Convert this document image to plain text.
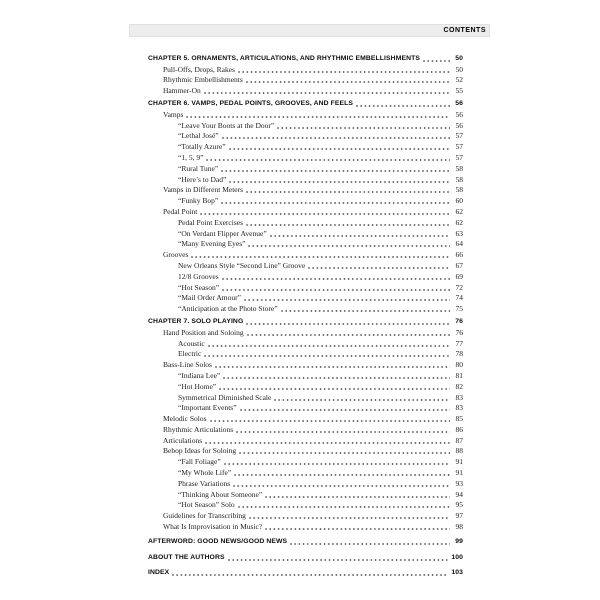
CONTENTS
CHAPTER 5. ORNAMENTS, ARTICULATIONS, AND RHYTHMIC EMBELLISHMENTS	50
Pull-Offs, Drops, Rakes	50
Rhythmic Embellishments	52
Hammer-On	55
CHAPTER 6. VAMPS, PEDAL POINTS, GROOVES, AND FEELS	56
Vamps	56
“Leave Your Boots at the Door”	56
“Lethal José”	57
“Totally Azure”	57
“1, 5, 9”	57
“Rural Tune”	58
“Here’s to Dad”	58
Vamps in Different Meters	58
“Funky Bop”	60
Pedal Point	62
Pedal Point Exercises	62
“On Verdant Flipper Avenue”	63
“Many Evening Eyes”	64
Grooves	66
New Orleans Style “Second Line” Groove	67
12/8 Grooves	69
“Hot Season”	72
“Mail Order Amour”	74
“Anticipation at the Photo Store”	75
CHAPTER 7. SOLO PLAYING	76
Hand Position and Soloing	76
Acoustic	77
Electric	78
Bass-Line Solos	80
“Indiana Lee”	81
“Hot Home”	82
Symmetrical Diminished Scale	83
“Important Events”	83
Melodic Solos	85
Rhythmic Articulations	86
Articulations	87
Bebop Ideas for Soloing	88
“Fall Foliage”	91
“My Whole Life”	91
Phrase Variations	93
“Thinking About Someone”	94
“Hot Season” Solo	95
Guidelines for Transcribing	97
What Is Improvisation in Music?	98
AFTERWORD: GOOD NEWS/GOOD NEWS	99
ABOUT THE AUTHORS	100
INDEX	103
